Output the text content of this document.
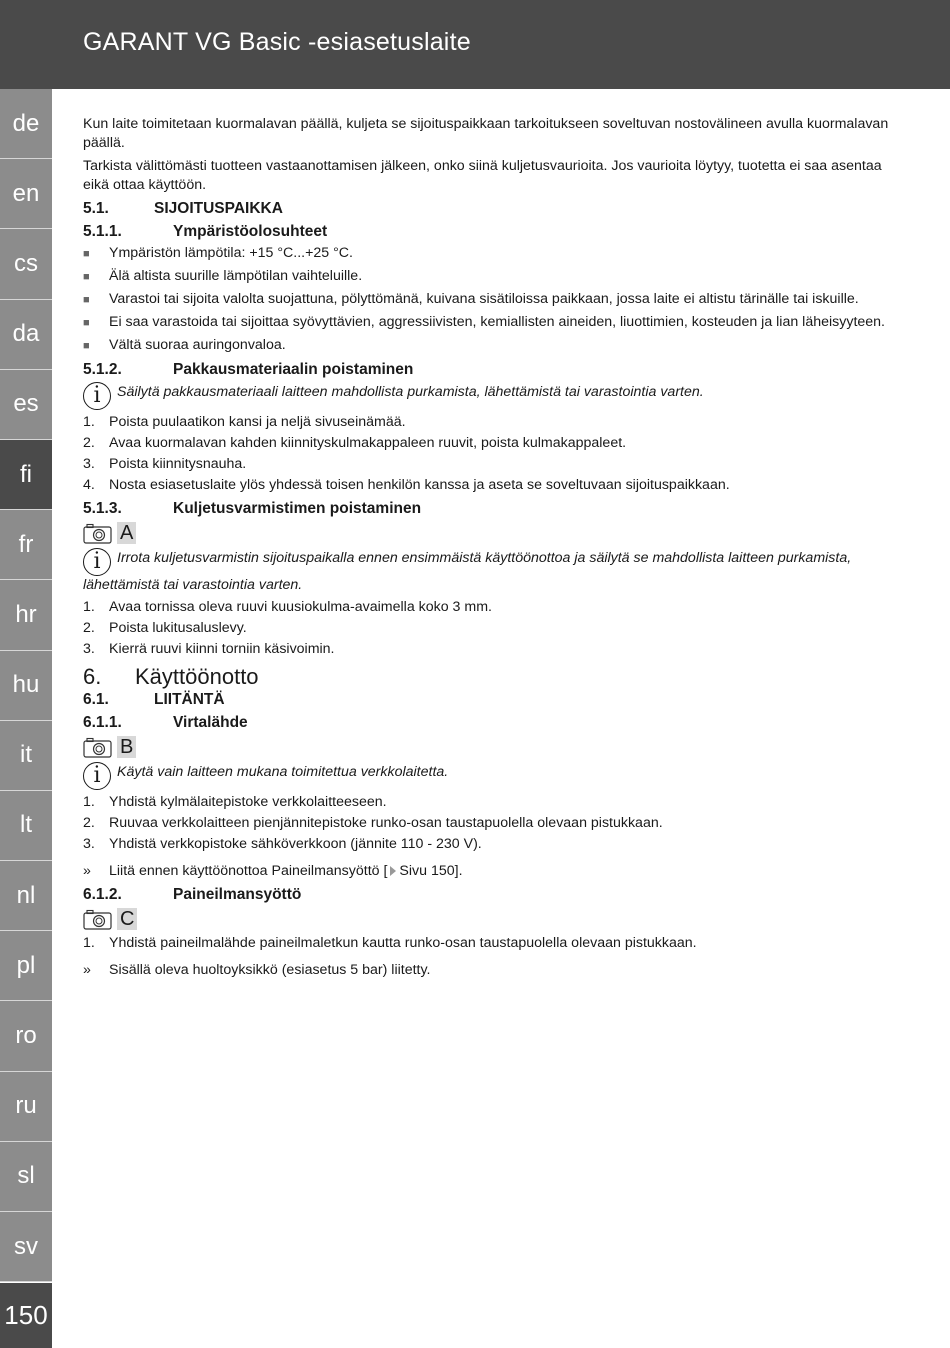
GARANT VG Basic -esiasetuslaite
de
en
cs
da
es
fi
fr
hr
hu
it
lt
nl
pl
ro
ru
sl
sv
150

Kun laite toimitetaan kuormalavan päällä, kuljeta se sijoituspaikkaan tarkoitukseen soveltuvan nostovälineen avulla kuormalavan päällä.

Tarkista välittömästi tuotteen vastaanottamisen jälkeen, onko siinä kuljetusvaurioita. Jos vaurioita löytyy, tuotetta ei saa asentaa eikä ottaa käyttöön.

5.1.	SIJOITUSPAIKKA
5.1.1.	Ympäristöolosuhteet
■	Ympäristön lämpötila: +15 °C...+25 °C.
■	Älä altista suurille lämpötilan vaihteluille.
■	Varastoi tai sijoita valolta suojattuna, pölyttömänä, kuivana sisätiloissa paikkaan, jossa laite ei altistu tärinälle tai iskuille.
■	Ei saa varastoida tai sijoittaa syövyttävien, aggressiivisten, kemiallisten aineiden, liuottimien, kosteuden ja lian läheisyyteen.
■	Vältä suoraa auringonvaloa.
5.1.2.	Pakkausmateriaalin poistaminen
i Säilytä pakkausmateriaali laitteen mahdollista purkamista, lähettämistä tai varastointia varten.
1. Poista puulaatikon kansi ja neljä sivuseinämää.
2. Avaa kuormalavan kahden kiinnityskulmakappaleen ruuvit, poista kulmakappaleet.
3. Poista kiinnitysnauha.
4. Nosta esiasetuslaite ylös yhdessä toisen henkilön kanssa ja aseta se soveltuvaan sijoituspaikkaan.
5.1.3.	Kuljetusvarmistimen poistaminen
A
i Irrota kuljetusvarmistin sijoituspaikalla ennen ensimmäistä käyttöönottoa ja säilytä se mahdollista laitteen purkamista, lähettämistä tai varastointia varten.
1. Avaa tornissa oleva ruuvi kuusiokulma-avaimella koko 3 mm.
2. Poista lukitusaluslevy.
3. Kierrä ruuvi kiinni torniin käsivoimin.
6.	Käyttöönotto
6.1.	LIITÄNTÄ
6.1.1.	Virtalähde
B
i Käytä vain laitteen mukana toimitettua verkkolaitetta.
1. Yhdistä kylmälaitepistoke verkkolaitteeseen.
2. Ruuvaa verkkolaitteen pienjännitepistoke runko-osan taustapuolella olevaan pistukkaan.
3. Yhdistä verkkopistoke sähköverkkoon (jännite 110 - 230 V).
»	Liitä ennen käyttöönottoa Paineilmansyöttö [ Sivu 150].
6.1.2.	Paineilmansyöttö
C
1. Yhdistä paineilmalähde paineilmaletkun kautta runko-osan taustapuolella olevaan pistukkaan.
»	Sisällä oleva huoltoyksikkö (esiasetus 5 bar) liitetty.
